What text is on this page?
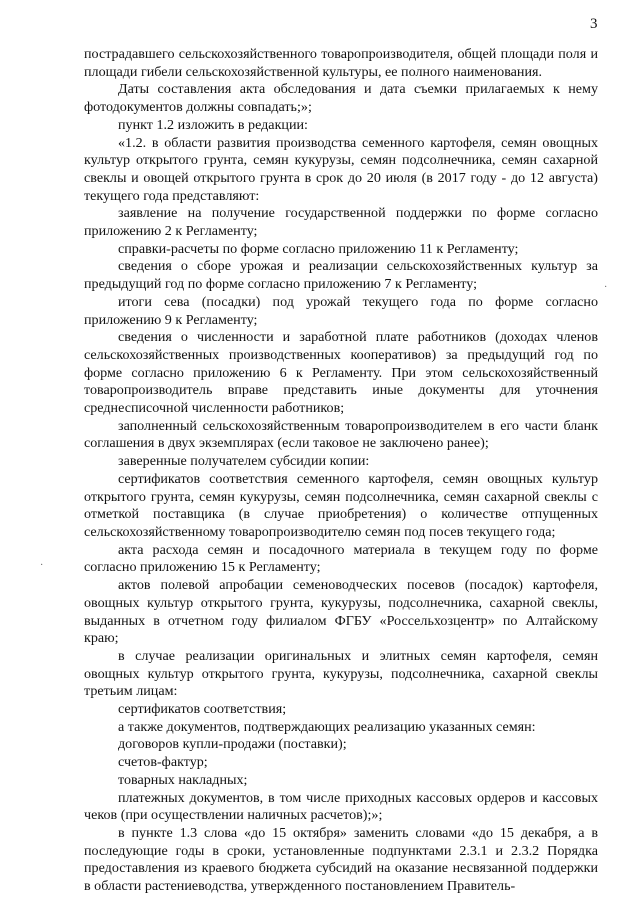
3

пострадавшего сельскохозяйственного товаропроизводителя, общей площади поля и площади гибели сельскохозяйственной культуры, ее полного наименования.

Даты составления акта обследования и дата съемки прилагаемых к нему фотодокументов должны совпадать;»;

пункт 1.2 изложить в редакции:

«1.2. в области развития производства семенного картофеля, семян овощных культур открытого грунта, семян кукурузы, семян подсолнечника, семян сахарной свеклы и овощей открытого грунта в срок до 20 июля (в 2017 году - до 12 августа) текущего года представляют:

заявление на получение государственной поддержки по форме согласно приложению 2 к Регламенту;

справки-расчеты по форме согласно приложению 11 к Регламенту;

сведения о сборе урожая и реализации сельскохозяйственных культур за предыдущий год по форме согласно приложению 7 к Регламенту;

итоги сева (посадки) под урожай текущего года по форме согласно приложению 9 к Регламенту;

сведения о численности и заработной плате работников (доходах членов сельскохозяйственных производственных кооперативов) за предыдущий год по форме согласно приложению 6 к Регламенту. При этом сельскохозяйственный товаропроизводитель вправе представить иные документы для уточнения среднесписочной численности работников;

заполненный сельскохозяйственным товаропроизводителем в его части бланк соглашения в двух экземплярах (если таковое не заключено ранее);

заверенные получателем субсидии копии:

сертификатов соответствия семенного картофеля, семян овощных культур открытого грунта, семян кукурузы, семян подсолнечника, семян сахарной свеклы с отметкой поставщика (в случае приобретения) о количестве отпущенных сельскохозяйственному товаропроизводителю семян под посев текущего года;

акта расхода семян и посадочного материала в текущем году по форме согласно приложению 15 к Регламенту;

актов полевой апробации семеноводческих посевов (посадок) картофеля, овощных культур открытого грунта, кукурузы, подсолнечника, сахарной свеклы, выданных в отчетном году филиалом ФГБУ «Россельхозцентр» по Алтайскому краю;

в случае реализации оригинальных и элитных семян картофеля, семян овощных культур открытого грунта, кукурузы, подсолнечника, сахарной свеклы третьим лицам:

сертификатов соответствия;

а также документов, подтверждающих реализацию указанных семян:

договоров купли-продажи (поставки);

счетов-фактур;

товарных накладных;

платежных документов, в том числе приходных кассовых ордеров и кассовых чеков (при осуществлении наличных расчетов);»;

в пункте 1.3 слова «до 15 октября» заменить словами «до 15 декабря, а в последующие годы в сроки, установленные подпунктами 2.3.1 и 2.3.2 Порядка предоставления из краевого бюджета субсидий на оказание несвязанной поддержки в области растениеводства, утвержденного постановлением Правитель-

·
·
